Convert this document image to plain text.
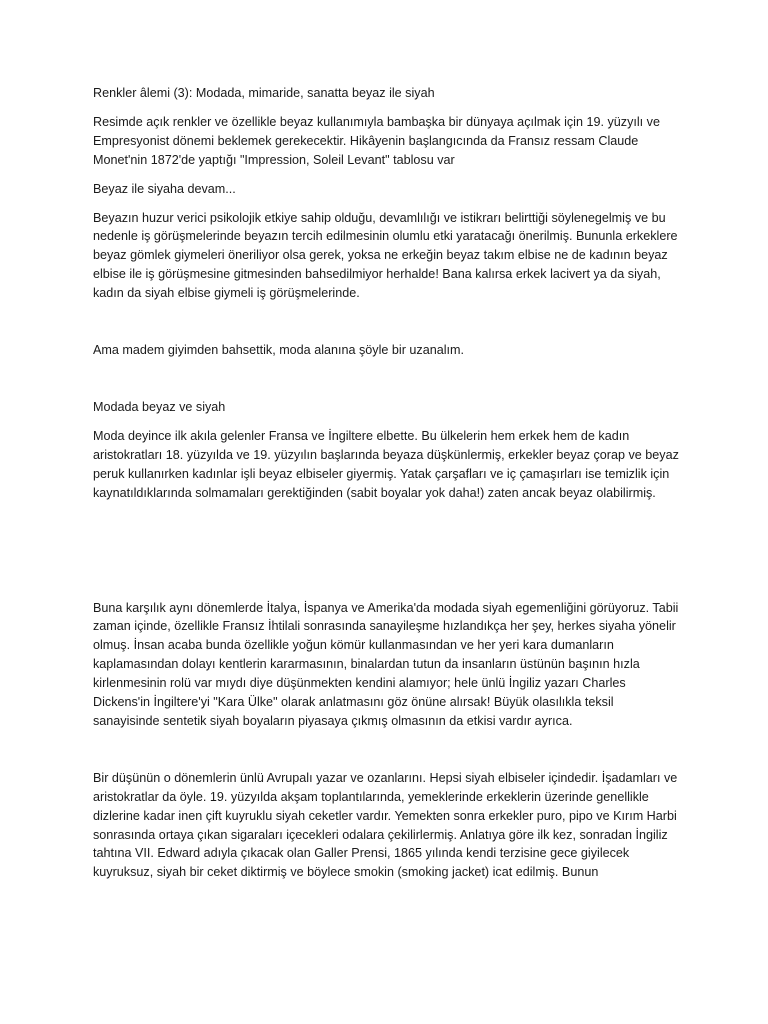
Renkler âlemi (3): Modada, mimaride, sanatta beyaz ile siyah

Resimde açık renkler ve özellikle beyaz kullanımıyla bambaşka bir dünyaya açılmak için 19. yüzyılı ve Empresyonist dönemi beklemek gerekecektir. Hikâyenin başlangıcında da Fransız ressam Claude Monet'nin 1872'de yaptığı "Impression, Soleil Levant" tablosu var

Beyaz ile siyaha devam...

Beyazın huzur verici psikolojik etkiye sahip olduğu, devamlılığı ve istikrarı belirttiği söylenegelmiş ve bu nedenle iş görüşmelerinde beyazın tercih edilmesinin olumlu etki yaratacağı önerilmiş. Bununla erkeklere beyaz gömlek giymeleri öneriliyor olsa gerek, yoksa ne erkeğin beyaz takım elbise ne de kadının beyaz elbise ile iş görüşmesine gitmesinden bahsedilmiyor herhalde! Bana kalırsa erkek lacivert ya da siyah, kadın da siyah elbise giymeli iş görüşmelerinde.

Ama madem giyimden bahsettik, moda alanına şöyle bir uzanalım.

Modada beyaz ve siyah

Moda deyince ilk akıla gelenler Fransa ve İngiltere elbette. Bu ülkelerin hem erkek hem de kadın aristokratları 18. yüzyılda ve 19. yüzyılın başlarında beyaza düşkünlermiş, erkekler beyaz çorap ve beyaz peruk kullanırken kadınlar işli beyaz elbiseler giyermiş. Yatak çarşafları ve iç çamaşırları ise temizlik için kaynatıldıklarında solmamaları gerektiğinden (sabit boyalar yok daha!) zaten ancak beyaz olabilirmiş.

Buna karşılık aynı dönemlerde İtalya, İspanya ve Amerika'da modada siyah egemenliğini görüyoruz. Tabii zaman içinde, özellikle Fransız İhtilali sonrasında sanayileşme hızlandıkça her şey, herkes siyaha yönelir olmuş. İnsan acaba bunda özellikle yoğun kömür kullanmasından ve her yeri kara dumanların kaplamasından dolayı kentlerin kararmasının, binalardan tutun da insanların üstünün başının hızla kirlenmesinin rolü var mıydı diye düşünmekten kendini alamıyor; hele ünlü İngiliz yazarı Charles Dickens'in İngiltere'yi "Kara Ülke" olarak anlatmasını göz önüne alırsak! Büyük olasılıkla teksil sanayisinde sentetik siyah boyaların piyasaya çıkmış olmasının da etkisi vardır ayrıca.

Bir düşünün o dönemlerin ünlü Avrupalı yazar ve ozanlarını. Hepsi siyah elbiseler içindedir. İşadamları ve aristokratlar da öyle. 19. yüzyılda akşam toplantılarında, yemeklerinde erkeklerin üzerinde genellikle dizlerine kadar inen çift kuyruklu siyah ceketler vardır. Yemekten sonra erkekler puro, pipo ve Kırım Harbi sonrasında ortaya çıkan sigaraları içecekleri odalara çekilirlermiş. Anlatıya göre ilk kez, sonradan İngiliz tahtına VII. Edward adıyla çıkacak olan Galler Prensi, 1865 yılında kendi terzisine gece giyilecek kuyruksuz, siyah bir ceket diktirmiş ve böylece smokin (smoking jacket) icat edilmiş. Bunun
